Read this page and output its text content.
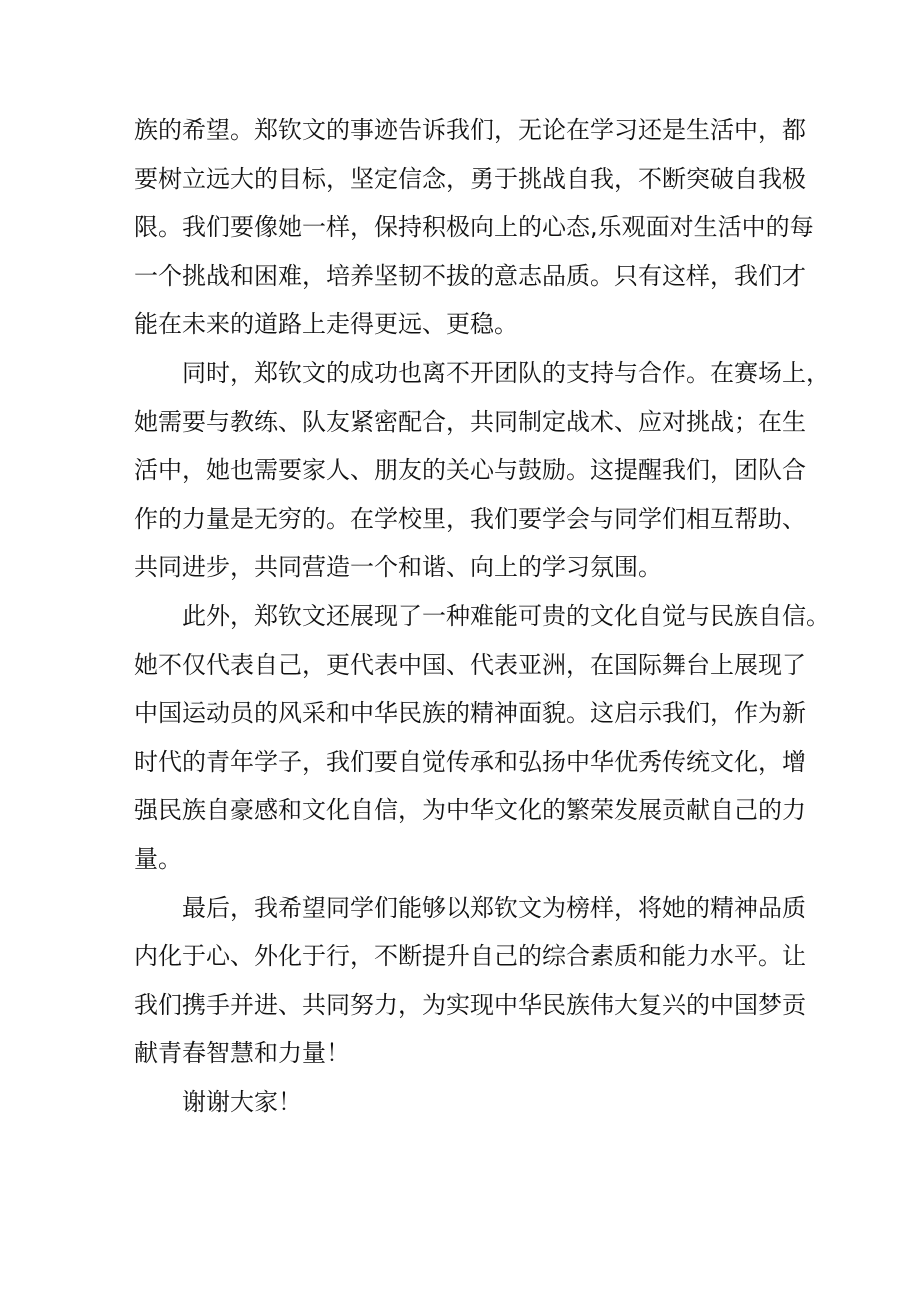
族的希望。郑钦文的事迹告诉我们，无论在学习还是生活中，都
要树立远大的目标，坚定信念，勇于挑战自我，不断突破自我极
限。我们要像她一样，保持积极向上的心态,乐观面对生活中的每
一个挑战和困难，培养坚韧不拔的意志品质。只有这样，我们才
能在未来的道路上走得更远、更稳。

同时，郑钦文的成功也离不开团队的支持与合作。在赛场上，
她需要与教练、队友紧密配合，共同制定战术、应对挑战；在生
活中，她也需要家人、朋友的关心与鼓励。这提醒我们，团队合
作的力量是无穷的。在学校里，我们要学会与同学们相互帮助、
共同进步，共同营造一个和谐、向上的学习氛围。

此外，郑钦文还展现了一种难能可贵的文化自觉与民族自信。
她不仅代表自己，更代表中国、代表亚洲，在国际舞台上展现了
中国运动员的风采和中华民族的精神面貌。这启示我们，作为新
时代的青年学子，我们要自觉传承和弘扬中华优秀传统文化，增
强民族自豪感和文化自信，为中华文化的繁荣发展贡献自己的力
量。

最后，我希望同学们能够以郑钦文为榜样，将她的精神品质
内化于心、外化于行，不断提升自己的综合素质和能力水平。让
我们携手并进、共同努力，为实现中华民族伟大复兴的中国梦贡
献青春智慧和力量！

谢谢大家！
